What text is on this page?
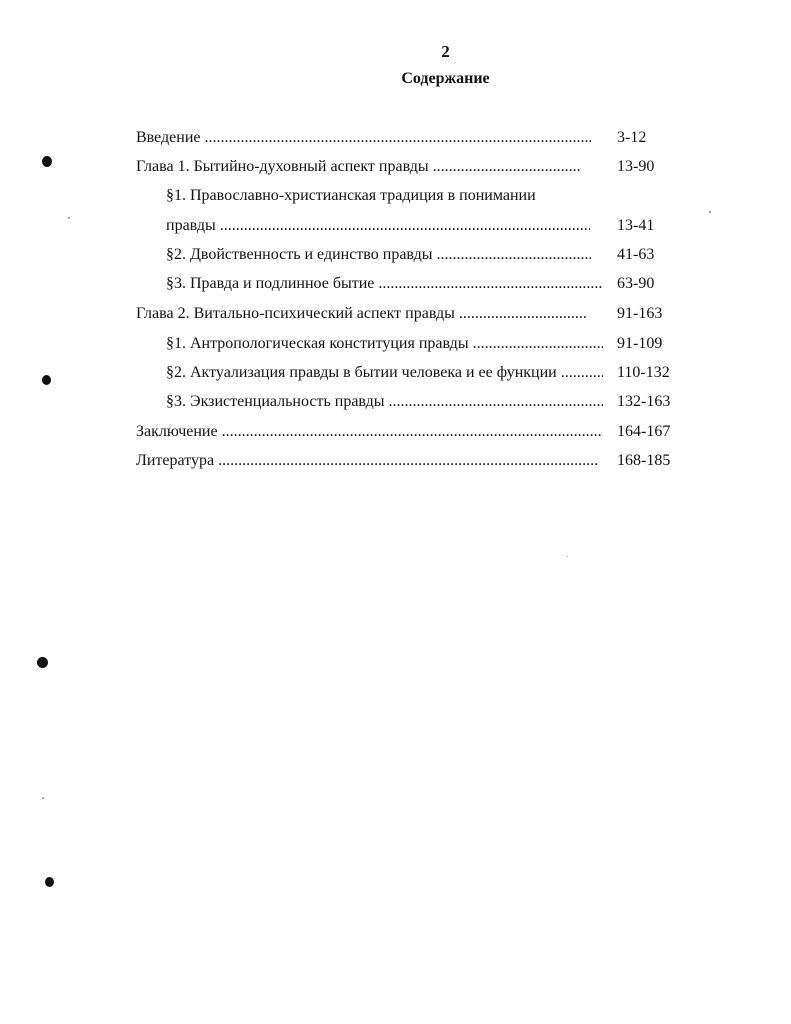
2
Содержание
Введение .....	3-12
Глава 1. Бытийно-духовный аспект правды .....	13-90
§1. Православно-христианская традиция в понимании
правды .....	13-41
§2. Двойственность и единство правды .....	41-63
§3. Правда и подлинное бытие .....	63-90
Глава 2. Витально-психический аспект правды .....	91-163
§1. Антропологическая конституция правды .....	91-109
§2. Актуализация правды в бытии человека и ее функции .....	110-132
§3. Экзистенциальность правды .....	132-163
Заключение .....	164-167
Литература .....	168-185
